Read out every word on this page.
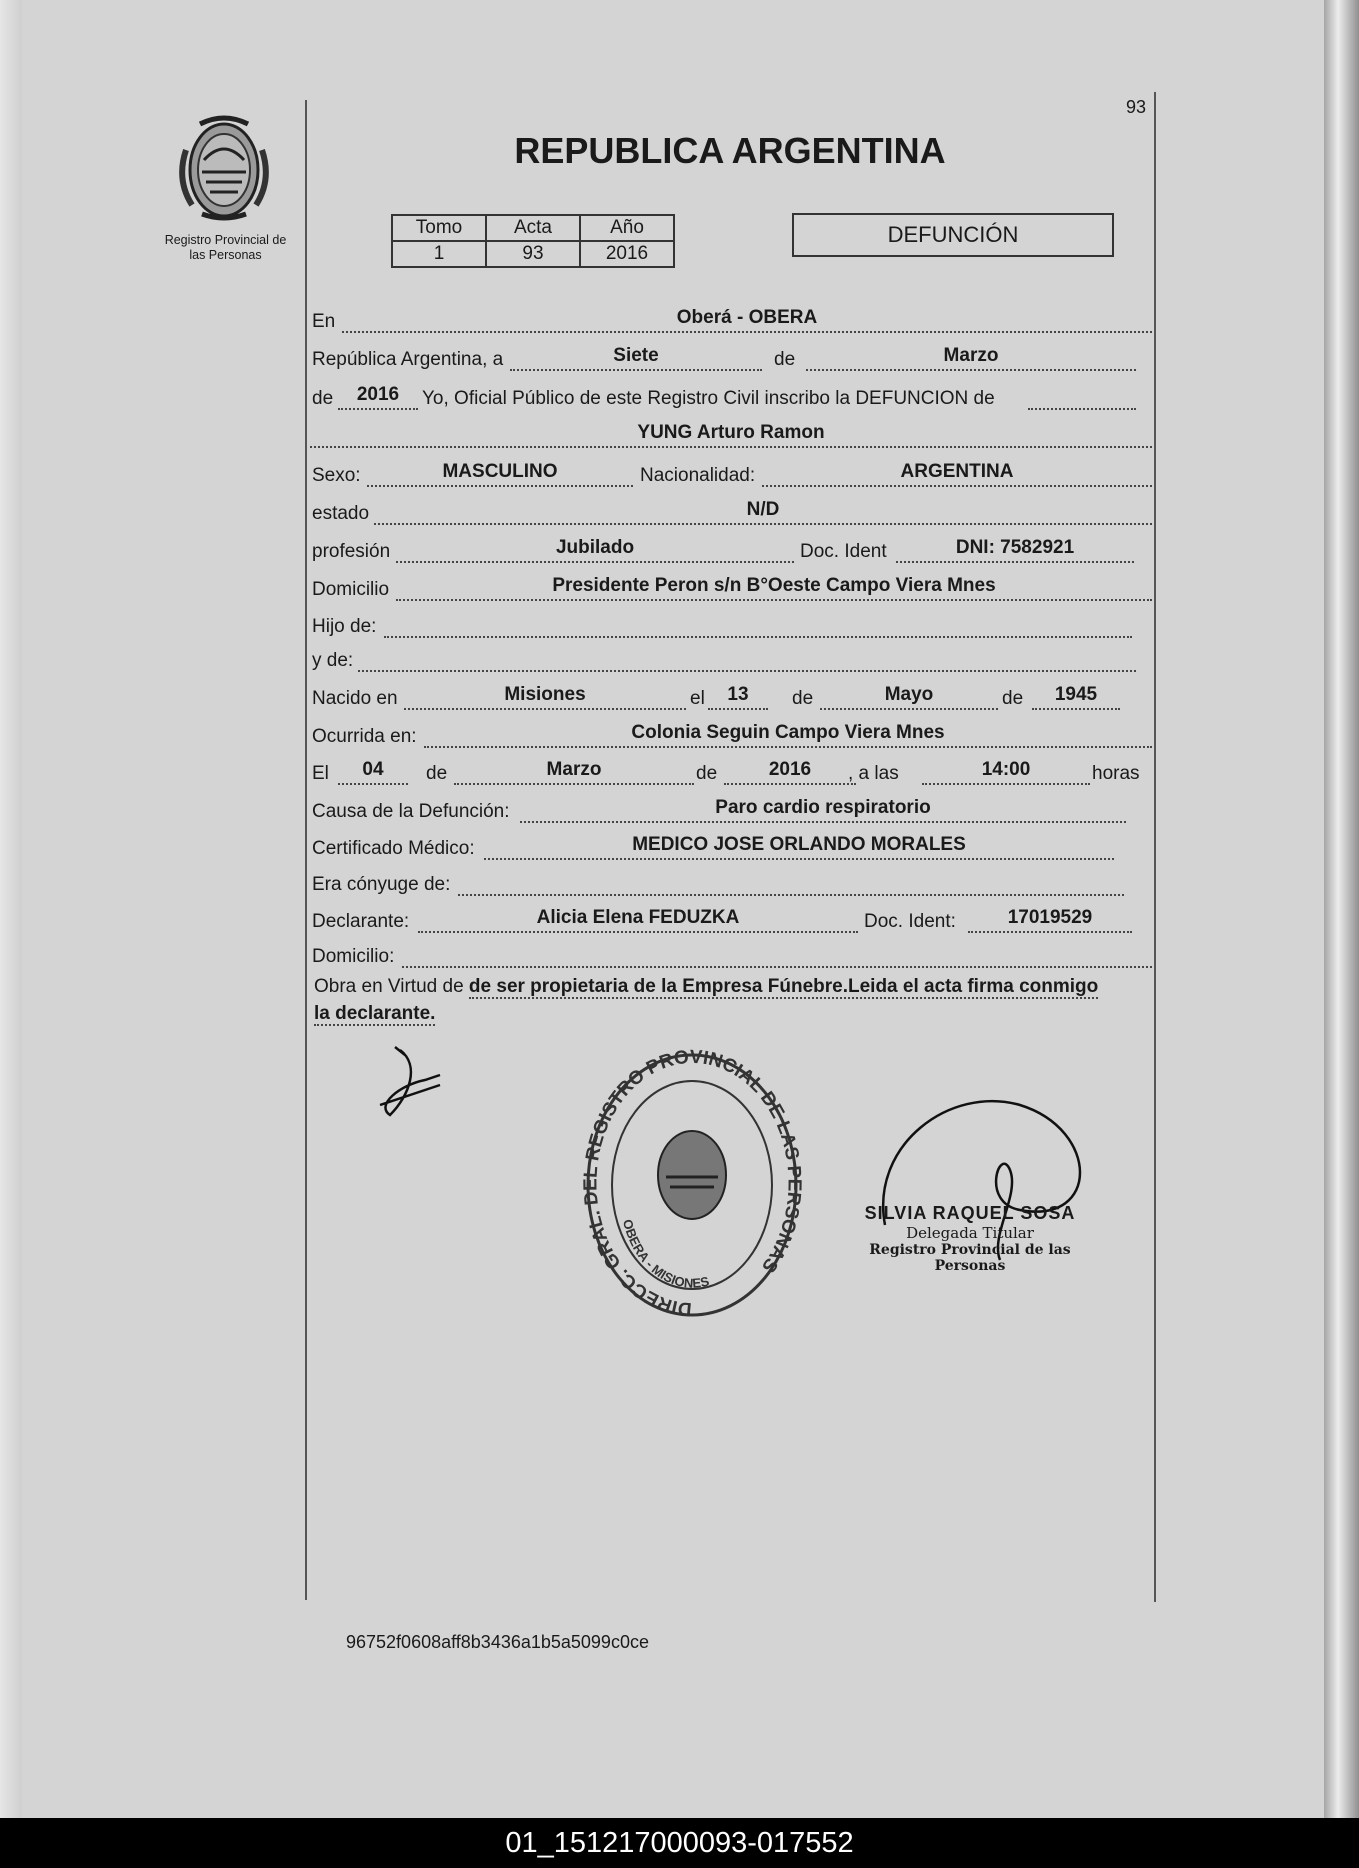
Registro Provincial de
las Personas
93
REPUBLICA ARGENTINA
Tomo	Acta	Año
1	93	2016
DEFUNCIÓN
En	Oberá - OBERA
República Argentina, a	Siete	de	Marzo
de	2016	Yo, Oficial Público de este Registro Civil inscribo la DEFUNCION de
YUNG Arturo Ramon
Sexo:	MASCULINO	Nacionalidad:	ARGENTINA
estado	N/D
profesión	Jubilado	Doc. Ident	DNI: 7582921
Domicilio	Presidente Peron s/n B°Oeste Campo Viera Mnes
Hijo de:
y de:
Nacido en	Misiones	el	13	de	Mayo	de	1945
Ocurrida en:	Colonia Seguin Campo Viera Mnes
El	04	de	Marzo	de	2016	, a las	14:00	horas
Causa de la Defunción:	Paro cardio respiratorio
Certificado Médico:	MEDICO JOSE ORLANDO MORALES
Era cónyuge de:
Declarante:	Alicia Elena FEDUZKA	Doc. Ident:	17019529
Domicilio:
Obra en Virtud de de ser propietaria de la Empresa Fúnebre.Leida el acta firma conmigo
la declarante.
DIRECC. GRAL. DEL REGISTRO PROVINCIAL DE LAS PERSONAS
OBERA - MISIONES
SILVIA RAQUEL SOSA
Delegada Titular
Registro Provincial de las Personas
96752f0608aff8b3436a1b5a5099c0ce
01_151217000093-017552
